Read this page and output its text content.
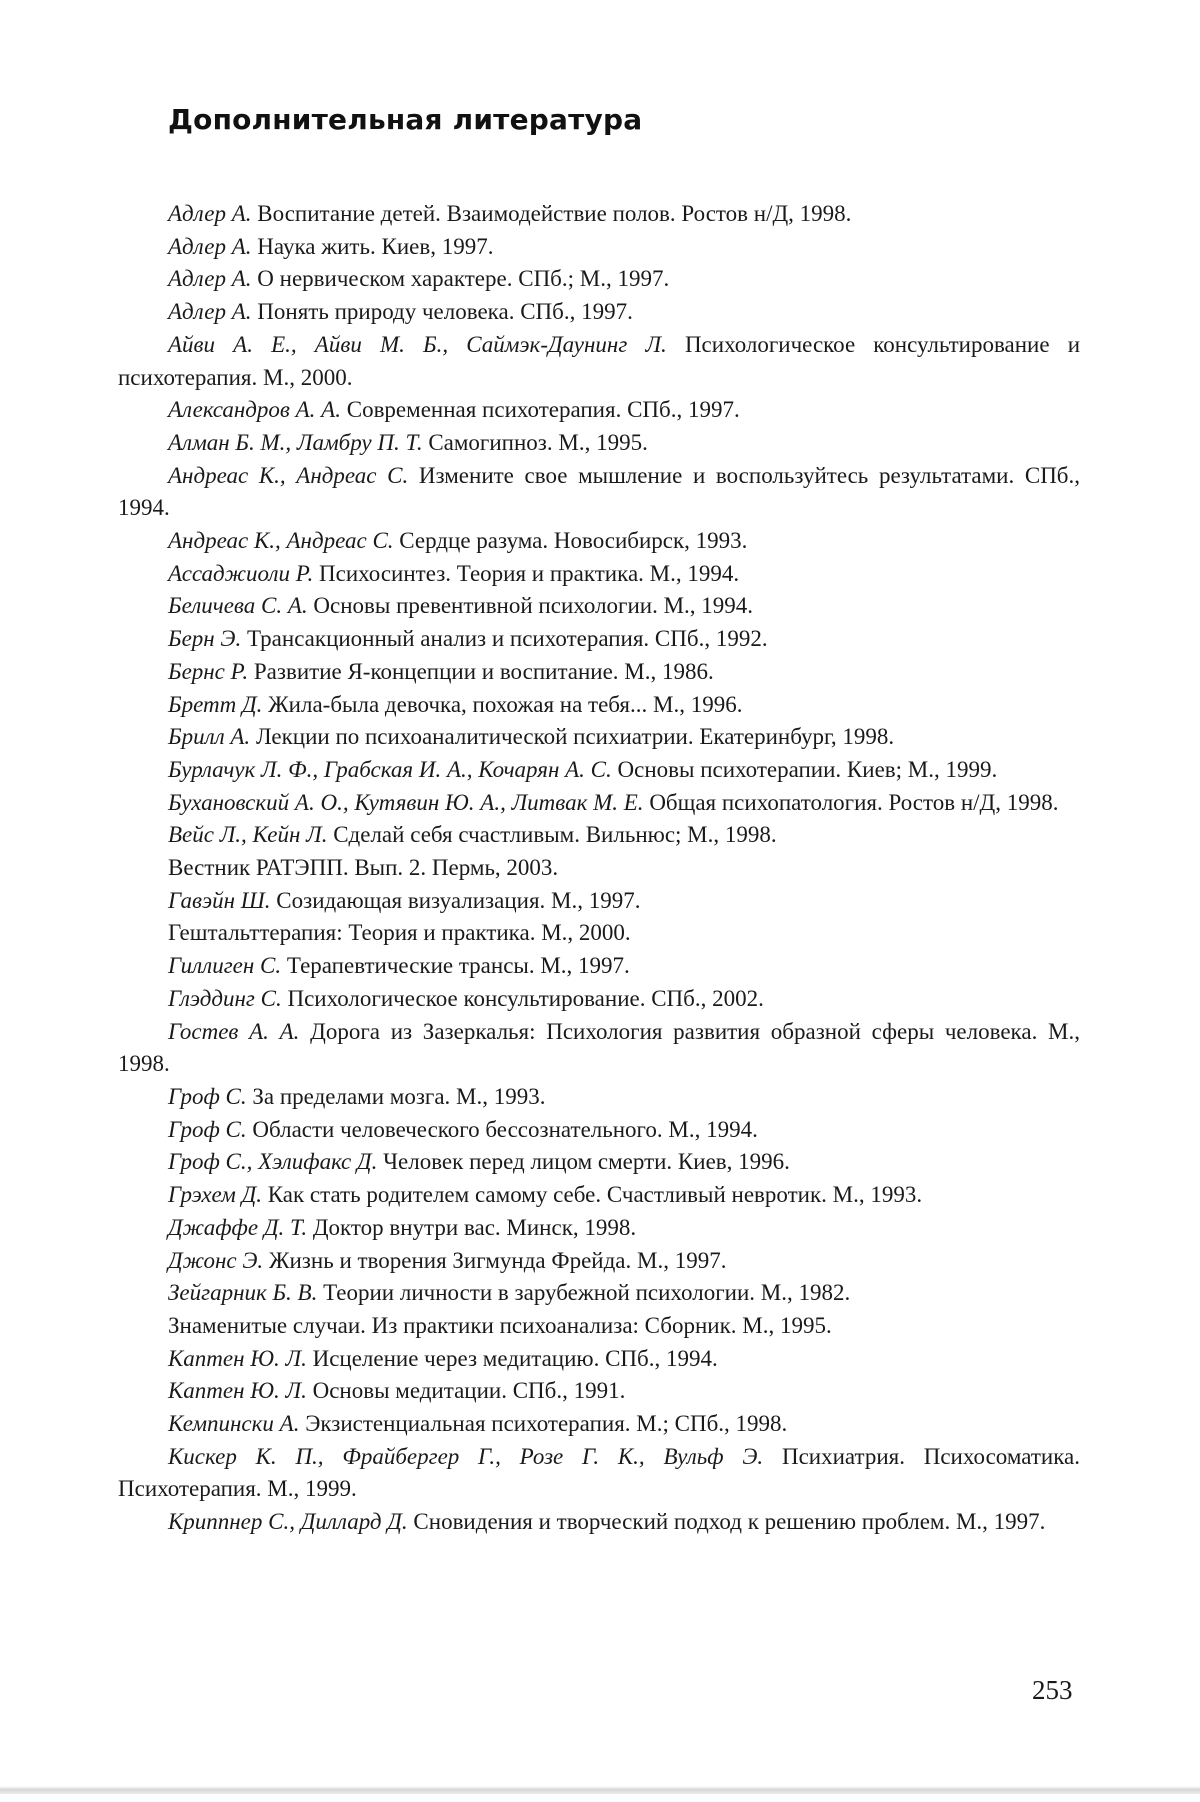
Дополнительная литература

Адлер А. Воспитание детей. Взаимодействие полов. Ростов н/Д, 1998.

Адлер А. Наука жить. Киев, 1997.

Адлер А. О нервическом характере. СПб.; М., 1997.

Адлер А. Понять природу человека. СПб., 1997.

Айви А. Е., Айви М. Б., Саймэк-Даунинг Л. Психологическое консультирование и психотерапия. М., 2000.

Александров А. А. Современная психотерапия. СПб., 1997.

Алман Б. М., Ламбру П. Т. Самогипноз. М., 1995.

Андреас К., Андреас С. Измените свое мышление и воспользуйтесь результатами. СПб., 1994.

Андреас К., Андреас С. Сердце разума. Новосибирск, 1993.

Ассаджиоли Р. Психосинтез. Теория и практика. М., 1994.

Беличева С. А. Основы превентивной психологии. М., 1994.

Берн Э. Трансакционный анализ и психотерапия. СПб., 1992.

Бернс Р. Развитие Я-концепции и воспитание. М., 1986.

Бретт Д. Жила-была девочка, похожая на тебя... М., 1996.

Брилл А. Лекции по психоаналитической психиатрии. Екатеринбург, 1998.

Бурлачук Л. Ф., Грабская И. А., Кочарян А. С. Основы психотерапии. Киев; М., 1999.

Бухановский А. О., Кутявин Ю. А., Литвак М. Е. Общая психопатология. Ростов н/Д, 1998.

Вейс Л., Кейн Л. Сделай себя счастливым. Вильнюс; М., 1998.

Вестник РАТЭПП. Вып. 2. Пермь, 2003.

Гавэйн Ш. Созидающая визуализация. М., 1997.

Гештальттерапия: Теория и практика. М., 2000.

Гиллиген С. Терапевтические трансы. М., 1997.

Глэддинг С. Психологическое консультирование. СПб., 2002.

Гостев А. А. Дорога из Зазеркалья: Психология развития образной сферы человека. М., 1998.

Гроф С. За пределами мозга. М., 1993.

Гроф С. Области человеческого бессознательного. М., 1994.

Гроф С., Хэлифакс Д. Человек перед лицом смерти. Киев, 1996.

Грэхем Д. Как стать родителем самому себе. Счастливый невротик. М., 1993.

Джаффе Д. Т. Доктор внутри вас. Минск, 1998.

Джонс Э. Жизнь и творения Зигмунда Фрейда. М., 1997.

Зейгарник Б. В. Теории личности в зарубежной психологии. М., 1982.

Знаменитые случаи. Из практики психоанализа: Сборник. М., 1995.

Каптен Ю. Л. Исцеление через медитацию. СПб., 1994.

Каптен Ю. Л. Основы медитации. СПб., 1991.

Кемпински А. Экзистенциальная психотерапия. М.; СПб., 1998.

Кискер К. П., Фрайбергер Г., Розе Г. К., Вульф Э. Психиатрия. Психосоматика. Психотерапия. М., 1999.

Криппнер С., Диллард Д. Сновидения и творческий подход к решению проблем. М., 1997.

253
